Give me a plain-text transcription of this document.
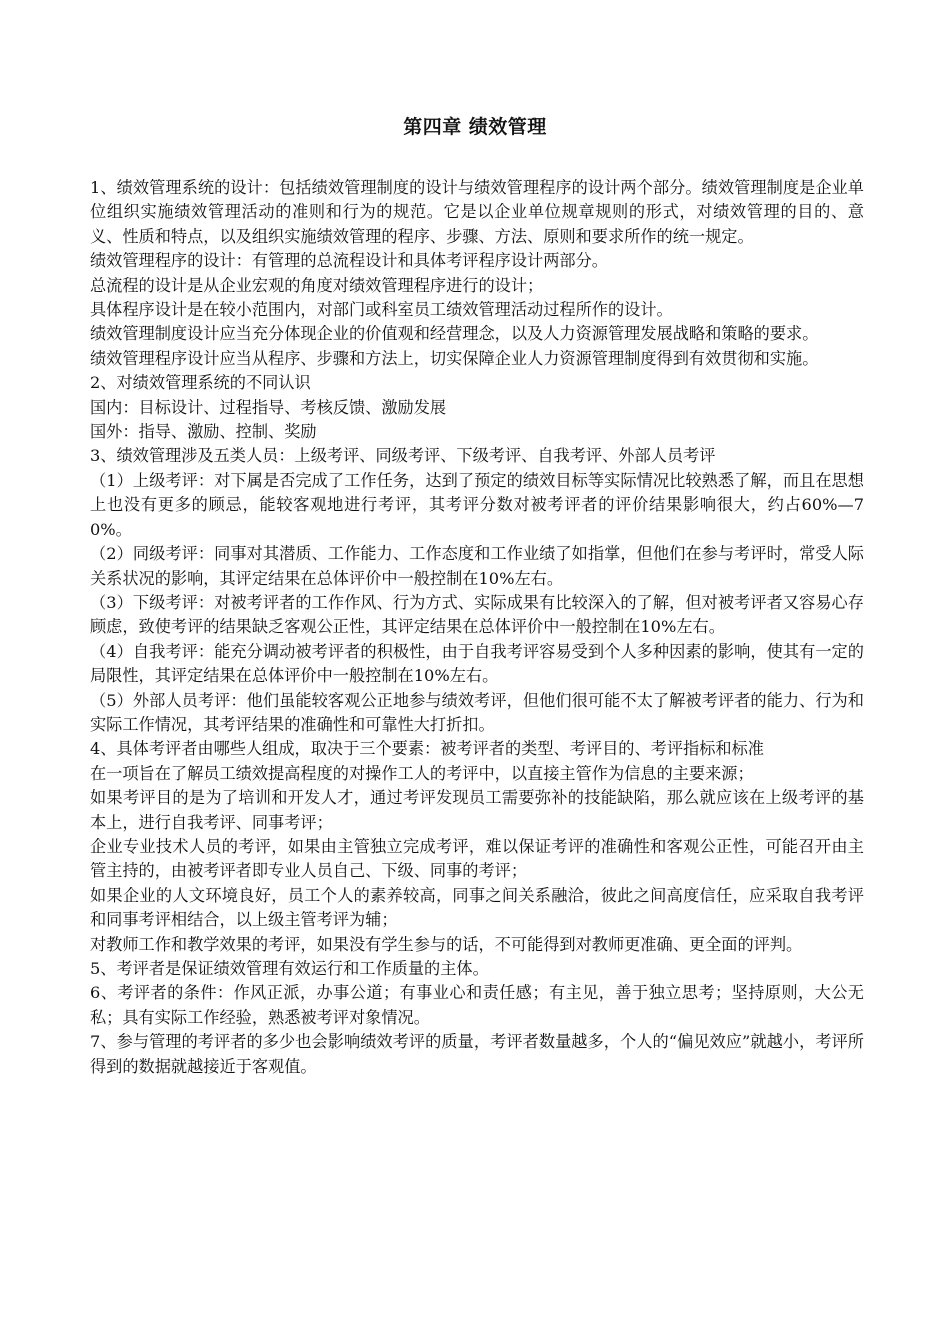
第四章 绩效管理

1、绩效管理系统的设计：包括绩效管理制度的设计与绩效管理程序的设计两个部分。绩效管理制度是企业单位组织实施绩效管理活动的准则和行为的规范。它是以企业单位规章规则的形式，对绩效管理的目的、意义、性质和特点，以及组织实施绩效管理的程序、步骤、方法、原则和要求所作的统一规定。

绩效管理程序的设计：有管理的总流程设计和具体考评程序设计两部分。

总流程的设计是从企业宏观的角度对绩效管理程序进行的设计；

具体程序设计是在较小范围内，对部门或科室员工绩效管理活动过程所作的设计。

绩效管理制度设计应当充分体现企业的价值观和经营理念，以及人力资源管理发展战略和策略的要求。

绩效管理程序设计应当从程序、步骤和方法上，切实保障企业人力资源管理制度得到有效贯彻和实施。

2、对绩效管理系统的不同认识

国内：目标设计、过程指导、考核反馈、激励发展

国外：指导、激励、控制、奖励

3、绩效管理涉及五类人员：上级考评、同级考评、下级考评、自我考评、外部人员考评

（1）上级考评：对下属是否完成了工作任务，达到了预定的绩效目标等实际情况比较熟悉了解，而且在思想上也没有更多的顾忌，能较客观地进行考评，其考评分数对被考评者的评价结果影响很大，约占60%—70%。

（2）同级考评：同事对其潜质、工作能力、工作态度和工作业绩了如指掌，但他们在参与考评时，常受人际关系状况的影响，其评定结果在总体评价中一般控制在10%左右。

（3）下级考评：对被考评者的工作作风、行为方式、实际成果有比较深入的了解，但对被考评者又容易心存顾虑，致使考评的结果缺乏客观公正性，其评定结果在总体评价中一般控制在10%左右。

（4）自我考评：能充分调动被考评者的积极性，由于自我考评容易受到个人多种因素的影响，使其有一定的局限性，其评定结果在总体评价中一般控制在10%左右。

（5）外部人员考评：他们虽能较客观公正地参与绩效考评，但他们很可能不太了解被考评者的能力、行为和实际工作情况，其考评结果的准确性和可靠性大打折扣。

4、具体考评者由哪些人组成，取决于三个要素：被考评者的类型、考评目的、考评指标和标准

在一项旨在了解员工绩效提高程度的对操作工人的考评中，以直接主管作为信息的主要来源；

如果考评目的是为了培训和开发人才，通过考评发现员工需要弥补的技能缺陷，那么就应该在上级考评的基本上，进行自我考评、同事考评；

企业专业技术人员的考评，如果由主管独立完成考评，难以保证考评的准确性和客观公正性，可能召开由主管主持的，由被考评者即专业人员自己、下级、同事的考评；

如果企业的人文环境良好，员工个人的素养较高，同事之间关系融洽，彼此之间高度信任，应采取自我考评和同事考评相结合，以上级主管考评为辅；

对教师工作和教学效果的考评，如果没有学生参与的话，不可能得到对教师更准确、更全面的评判。

5、考评者是保证绩效管理有效运行和工作质量的主体。

6、考评者的条件：作风正派，办事公道；有事业心和责任感；有主见，善于独立思考；坚持原则，大公无私；具有实际工作经验，熟悉被考评对象情况。

7、参与管理的考评者的多少也会影响绩效考评的质量，考评者数量越多，个人的“偏见效应”就越小，考评所得到的数据就越接近于客观值。
